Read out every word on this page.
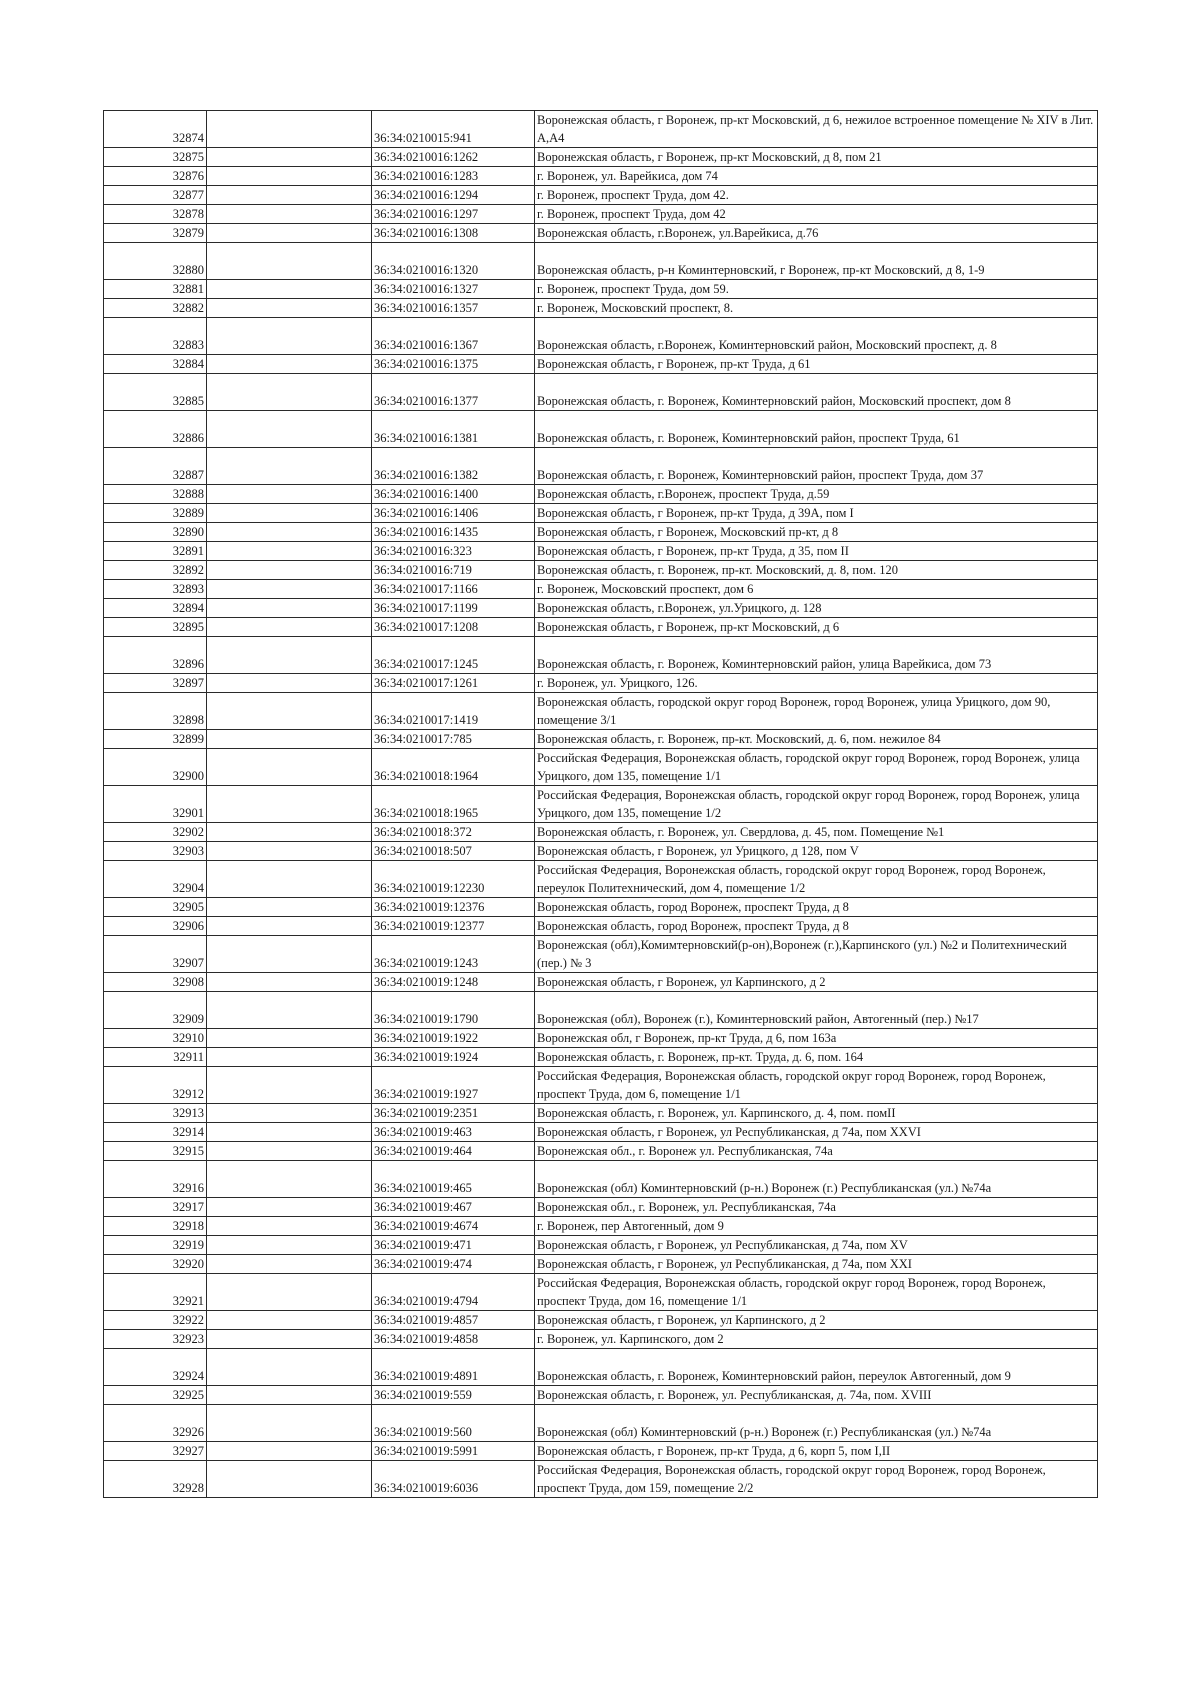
32874		36:34:0210015:941	Воронежская область, г Воронеж, пр-кт Московский, д 6, нежилое встроенное помещение № XIV в Лит. А,А4
32875		36:34:0210016:1262	Воронежская область, г Воронеж, пр-кт Московский, д 8, пом 21
32876		36:34:0210016:1283	г. Воронеж, ул. Варейкиса, дом 74
32877		36:34:0210016:1294	г. Воронеж, проспект Труда, дом 42.
32878		36:34:0210016:1297	г. Воронеж, проспект Труда, дом 42
32879		36:34:0210016:1308	Воронежская область, г.Воронеж, ул.Варейкиса, д.76
32880		36:34:0210016:1320	Воронежская область, р-н Коминтерновский, г Воронеж, пр-кт Московский, д 8, 1-9
32881		36:34:0210016:1327	г. Воронеж, проспект Труда, дом 59.
32882		36:34:0210016:1357	г. Воронеж, Московский проспект, 8.
32883		36:34:0210016:1367	Воронежская область, г.Воронеж, Коминтерновский район, Московский проспект, д. 8
32884		36:34:0210016:1375	Воронежская область, г Воронеж, пр-кт Труда, д 61
32885		36:34:0210016:1377	Воронежская область, г. Воронеж, Коминтерновский район, Московский проспект, дом 8
32886		36:34:0210016:1381	Воронежская область, г. Воронеж, Коминтерновский район, проспект Труда, 61
32887		36:34:0210016:1382	Воронежская область, г. Воронеж, Коминтерновский район, проспект Труда, дом 37
32888		36:34:0210016:1400	Воронежская область, г.Воронеж, проспект Труда, д.59
32889		36:34:0210016:1406	Воронежская область, г Воронеж, пр-кт Труда, д 39А, пом I
32890		36:34:0210016:1435	Воронежская область, г Воронеж, Московский пр-кт, д 8
32891		36:34:0210016:323	Воронежская область, г Воронеж, пр-кт Труда, д 35, пом II
32892		36:34:0210016:719	Воронежская область, г. Воронеж, пр-кт. Московский, д. 8, пом. 120
32893		36:34:0210017:1166	г. Воронеж, Московский проспект, дом 6
32894		36:34:0210017:1199	Воронежская область, г.Воронеж, ул.Урицкого, д. 128
32895		36:34:0210017:1208	Воронежская область, г Воронеж, пр-кт Московский, д 6
32896		36:34:0210017:1245	Воронежская область, г. Воронеж, Коминтерновский район, улица Варейкиса, дом 73
32897		36:34:0210017:1261	г. Воронеж, ул. Урицкого, 126.
32898		36:34:0210017:1419	Воронежская область, городской округ город Воронеж, город Воронеж, улица Урицкого, дом 90, помещение 3/1
32899		36:34:0210017:785	Воронежская область, г. Воронеж, пр-кт. Московский, д. 6, пом. нежилое 84
32900		36:34:0210018:1964	Российская Федерация, Воронежская область, городской округ город Воронеж, город Воронеж, улица Урицкого, дом 135, помещение 1/1
32901		36:34:0210018:1965	Российская Федерация, Воронежская область, городской округ город Воронеж, город Воронеж, улица Урицкого, дом 135, помещение 1/2
32902		36:34:0210018:372	Воронежская область, г. Воронеж, ул. Свердлова, д. 45, пом. Помещение №1
32903		36:34:0210018:507	Воронежская область, г Воронеж, ул Урицкого, д 128, пом V
32904		36:34:0210019:12230	Российская Федерация, Воронежская область, городской округ город Воронеж, город Воронеж, переулок Политехнический, дом 4, помещение 1/2
32905		36:34:0210019:12376	Воронежская область, город Воронеж, проспект Труда, д 8
32906		36:34:0210019:12377	Воронежская область, город Воронеж, проспект Труда, д 8
32907		36:34:0210019:1243	Воронежская (обл),Комимтерновский(р-он),Воронеж (г.),Карпинского (ул.) №2 и Политехнический (пер.) № 3
32908		36:34:0210019:1248	Воронежская область, г Воронеж, ул Карпинского, д 2
32909		36:34:0210019:1790	Воронежская (обл), Воронеж (г.), Коминтерновский район, Автогенный (пер.) №17
32910		36:34:0210019:1922	Воронежская обл, г Воронеж, пр-кт Труда, д 6, пом 163а
32911		36:34:0210019:1924	Воронежская область, г. Воронеж, пр-кт. Труда, д. 6, пом. 164
32912		36:34:0210019:1927	Российская Федерация, Воронежская область, городской округ город Воронеж, город Воронеж, проспект Труда, дом 6, помещение 1/1
32913		36:34:0210019:2351	Воронежская область, г. Воронеж, ул. Карпинского, д. 4, пом. помII
32914		36:34:0210019:463	Воронежская область, г Воронеж, ул Республиканская, д 74а, пом XXVI
32915		36:34:0210019:464	Воронежская обл., г. Воронеж ул. Республиканская, 74а
32916		36:34:0210019:465	Воронежская (обл) Коминтерновский (р-н.) Воронеж (г.) Республиканская (ул.) №74а
32917		36:34:0210019:467	Воронежская обл., г. Воронеж, ул. Республиканская, 74а
32918		36:34:0210019:4674	г. Воронеж, пер Автогенный, дом 9
32919		36:34:0210019:471	Воронежская область, г Воронеж, ул Республиканская, д 74а, пом XV
32920		36:34:0210019:474	Воронежская область, г Воронеж, ул Республиканская, д 74а, пом XXI
32921		36:34:0210019:4794	Российская Федерация, Воронежская область, городской округ город Воронеж, город Воронеж, проспект Труда, дом 16, помещение 1/1
32922		36:34:0210019:4857	Воронежская область, г Воронеж, ул Карпинского, д 2
32923		36:34:0210019:4858	г. Воронеж, ул. Карпинского, дом 2
32924		36:34:0210019:4891	Воронежская область, г. Воронеж, Коминтерновский район, переулок Автогенный, дом 9
32925		36:34:0210019:559	Воронежская область, г. Воронеж, ул. Республиканская, д. 74а, пом. XVIII
32926		36:34:0210019:560	Воронежская (обл) Коминтерновский (р-н.) Воронеж (г.) Республиканская (ул.) №74а
32927		36:34:0210019:5991	Воронежская область, г Воронеж, пр-кт Труда, д 6, корп 5, пом I,II
32928		36:34:0210019:6036	Российская Федерация, Воронежская область, городской округ город Воронеж, город Воронеж, проспект Труда, дом 159, помещение 2/2
